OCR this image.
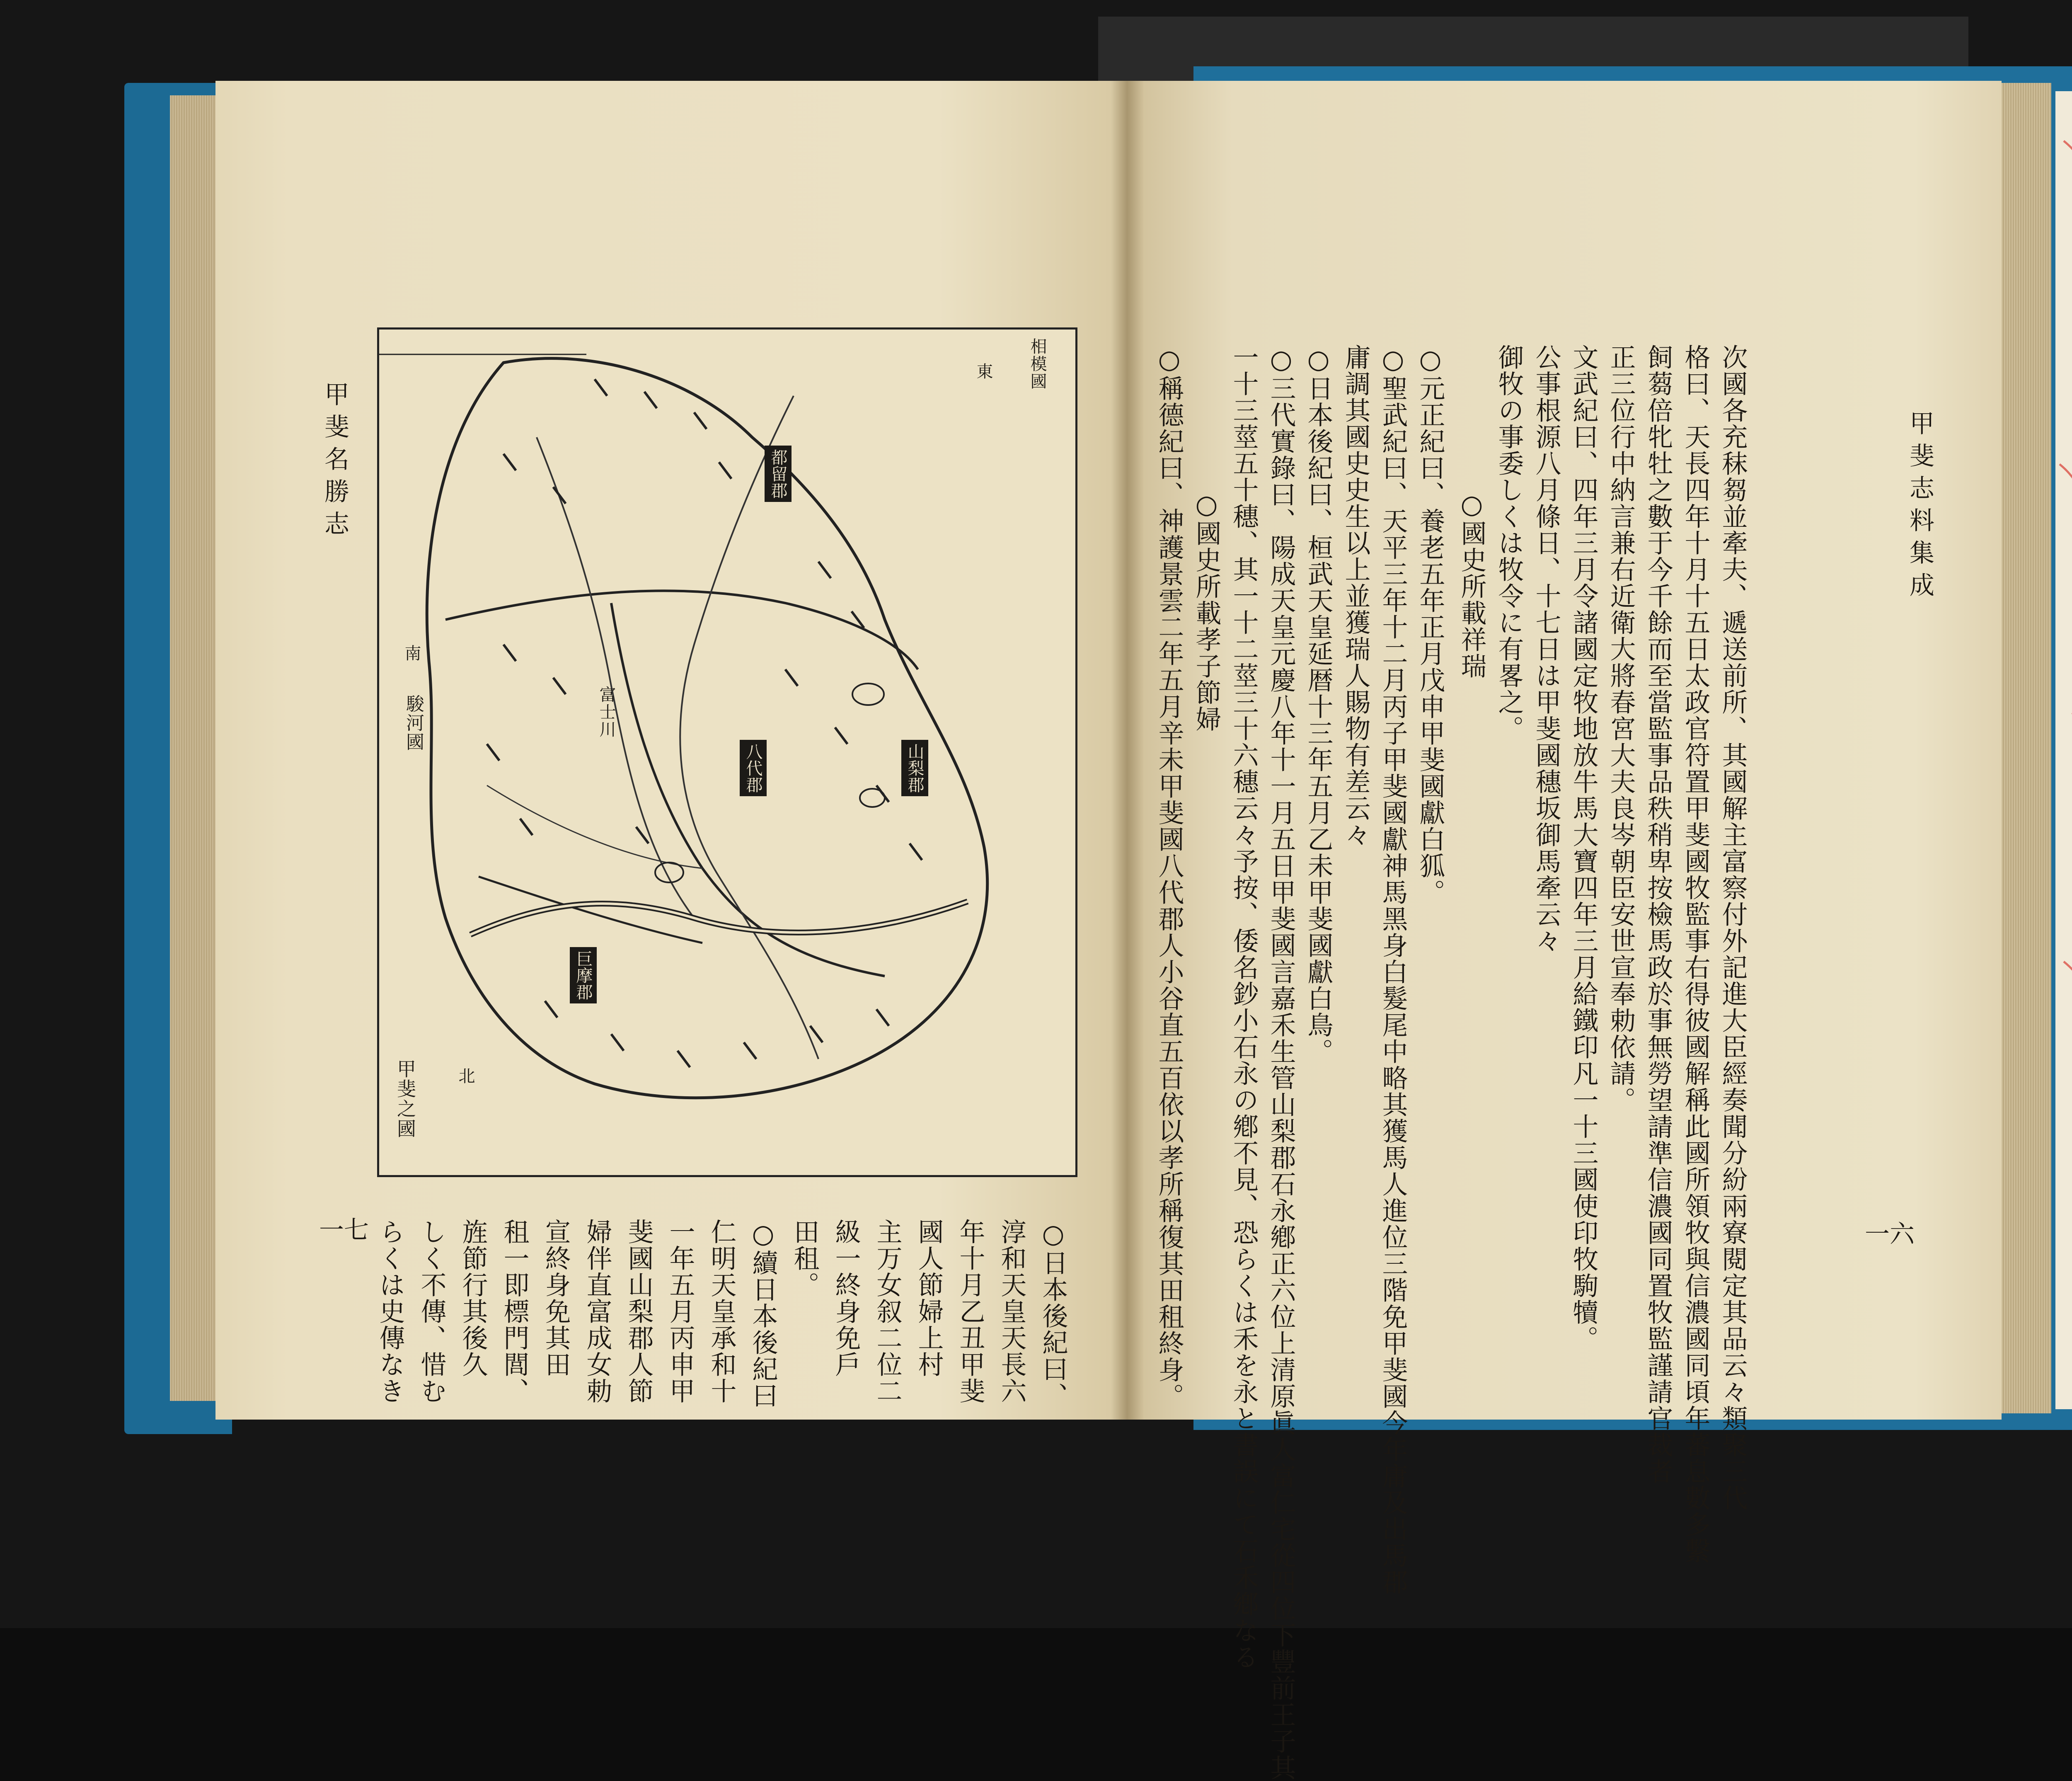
甲斐名勝志
相模國
東
駿河國
南
富士川
甲斐之國 北
都留郡
八代郡
巨摩郡
山梨郡
一七	○日本後紀曰、
淳和天皇天長六
年十月乙丑甲斐
國人節婦上村
主万女叙二位二
級一終身免戶
田租。
○續日本後紀曰
仁明天皇承和十
一年五月丙申甲
斐國山梨郡人節
婦伴直富成女勅
宣終身免其田
租一即標門閭、
旌節行其後久
しく不傳、惜む
らくは史傳なき
甲斐志料集成
一六
次國各充秣芻並牽夫、遞送前所、其國解主富察付外記進大臣經奏聞分紛兩寮閱定其品云々類聚三代
格曰、天長四年十月十五日太政官符置甲斐國牧監事右得彼國解稱此國所領牧與信濃國同頃年蕃息數多繫
飼蒭倍牝牡之數于今千餘而至當監事品秩稍卑按檢馬政於事無勞望請準信濃國同置牧監謹請官裁者
正三位行中納言兼右近衛大將春宮大夫良岑朝臣安世宣奉勅依請。
文武紀曰、四年三月令諸國定牧地放牛馬大寶四年三月給鐵印凡一十三國使印牧駒犢。
公事根源八月條日、十七日は甲斐國穗坂御馬牽云々
御牧の事委しくは牧令に有畧之。
○國史所載祥瑞
○元正紀曰、養老五年正月戊申甲斐國獻白狐。
○聖武紀曰、天平三年十二月丙子甲斐國獻神馬黑身白髮尾中略其獲馬人進位三階免甲斐國今年庸及出馬郡
庸調其國史史生以上並獲瑞人賜物有差云々
○日本後紀曰、桓武天皇延暦十三年五月乙未甲斐國獻白鳥。
○三代實錄曰、陽成天皇元慶八年十一月五日甲斐國言嘉禾生管山梨郡石永鄕正六位上清原眞人富仁宅從四位下豐前王子其
一十三莖五十穗、其一十二莖三十六穗云々予按、倭名鈔小石永の鄕不見、恐らくは禾を永と書誤にて石禾鄕なる
○國史所載孝子節婦
○稱德紀曰、神護景雲二年五月辛未甲斐國八代郡人小谷直五百依以孝所稱復其田租終身。
